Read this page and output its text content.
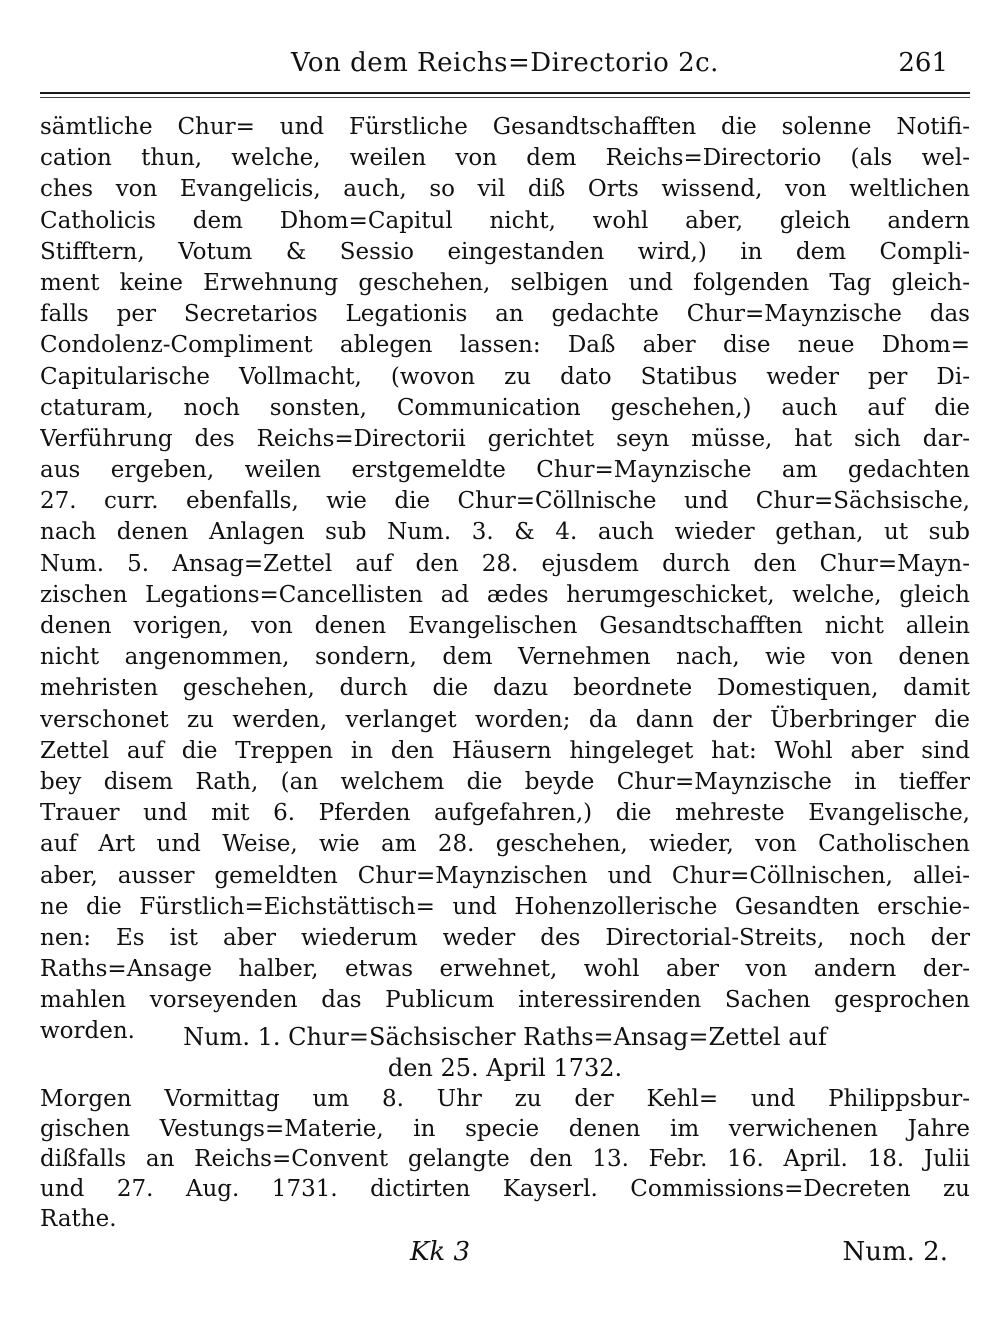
Von dem Reichs=Directorio 2c.	261
sämtliche Chur= und Fürstliche Gesandtschafften die solenne Notifi-
cation thun, welche, weilen von dem Reichs=Directorio (als wel-
ches von Evangelicis, auch, so vil diß Orts wissend, von weltlichen
Catholicis dem Dhom=Capitul nicht, wohl aber, gleich andern
Stifftern, Votum & Sessio eingestanden wird,) in dem Compli-
ment keine Erwehnung geschehen, selbigen und folgenden Tag gleich-
falls per Secretarios Legationis an gedachte Chur=Maynzische das
Condolenz-Compliment ablegen lassen: Daß aber dise neue Dhom=
Capitularische Vollmacht, (wovon zu dato Statibus weder per Di-
ctaturam, noch sonsten, Communication geschehen,) auch auf die
Verführung des Reichs=Directorii gerichtet seyn müsse, hat sich dar-
aus ergeben, weilen erstgemeldte Chur=Maynzische am gedachten
27. curr. ebenfalls, wie die Chur=Cöllnische und Chur=Sächsische,
nach denen Anlagen sub Num. 3. & 4. auch wieder gethan, ut sub
Num. 5. Ansag=Zettel auf den 28. ejusdem durch den Chur=Mayn-
zischen Legations=Cancellisten ad ædes herumgeschicket, welche, gleich
denen vorigen, von denen Evangelischen Gesandtschafften nicht allein
nicht angenommen, sondern, dem Vernehmen nach, wie von denen
mehristen geschehen, durch die dazu beordnete Domestiquen, damit
verschonet zu werden, verlanget worden; da dann der Überbringer die
Zettel auf die Treppen in den Häusern hingeleget hat: Wohl aber sind
bey disem Rath, (an welchem die beyde Chur=Maynzische in tieffer
Trauer und mit 6. Pferden aufgefahren,) die mehreste Evangelische,
auf Art und Weise, wie am 28. geschehen, wieder, von Catholischen
aber, ausser gemeldten Chur=Maynzischen und Chur=Cöllnischen, allei-
ne die Fürstlich=Eichstättisch= und Hohenzollerische Gesandten erschie-
nen: Es ist aber wiederum weder des Directorial-Streits, noch der
Raths=Ansage halber, etwas erwehnet, wohl aber von andern der-
mahlen vorseyenden das Publicum interessirenden Sachen gesprochen
worden.	Num. 1. Chur=Sächsischer Raths=Ansag=Zettel auf
den 25. April 1732.
Morgen Vormittag um 8. Uhr zu der Kehl= und Philippsbur-
gischen Vestungs=Materie, in specie denen im verwichenen Jahre
dißfalls an Reichs=Convent gelangte den 13. Febr. 16. April. 18. Julii
und 27. Aug. 1731. dictirten Kayserl. Commissions=Decreten zu
Rathe.
Kk 3	Num. 2.
